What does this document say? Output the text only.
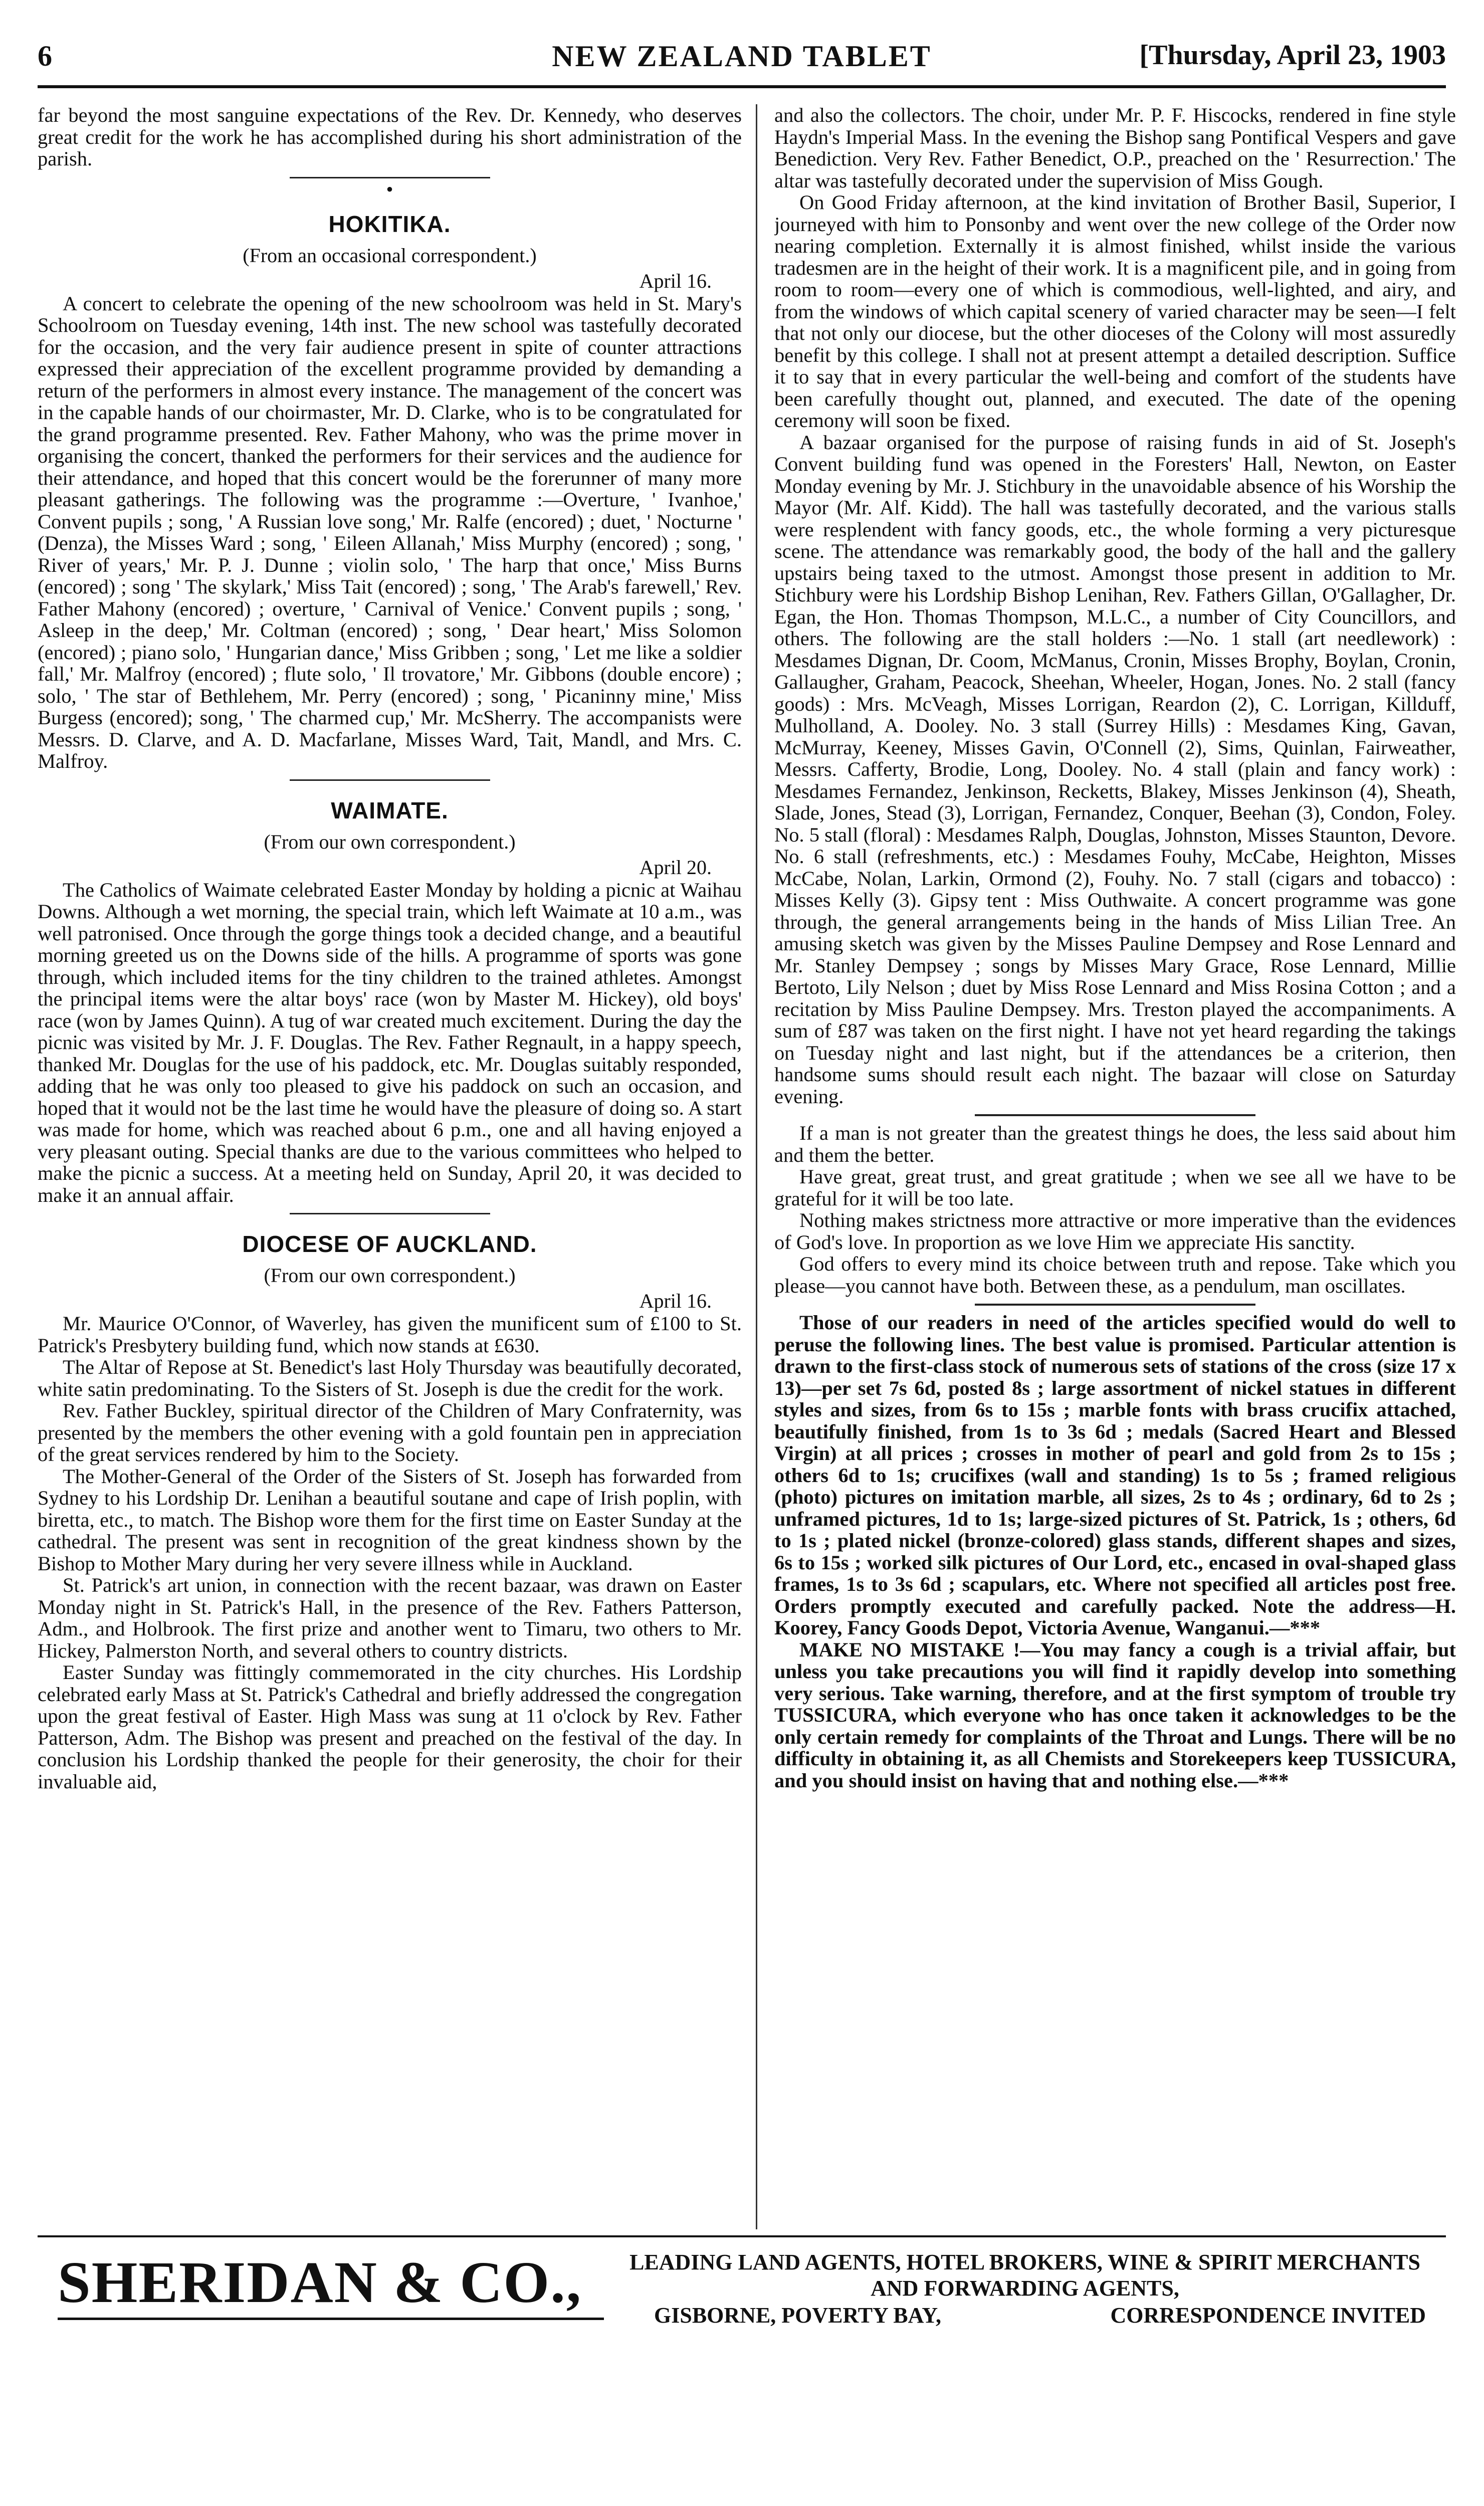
6	NEW ZEALAND TABLET	[Thursday, April 23, 1903

far beyond the most sanguine expectations of the Rev. Dr. Kennedy, who deserves great credit for the work he has accomplished during his short administration of the parish.

•
HOKITIKA.
(From an occasional correspondent.)
April 16.

A concert to celebrate the opening of the new schoolroom was held in St. Mary's Schoolroom on Tuesday evening, 14th inst. The new school was tastefully decorated for the occasion, and the very fair audience present in spite of counter attractions expressed their appreciation of the excellent programme provided by demanding a return of the performers in almost every instance. The management of the concert was in the capable hands of our choirmaster, Mr. D. Clarke, who is to be congratulated for the grand programme presented. Rev. Father Mahony, who was the prime mover in organising the concert, thanked the performers for their services and the audience for their attendance, and hoped that this concert would be the forerunner of many more pleasant gatherings. The following was the programme :—Overture, ' Ivanhoe,' Convent pupils ; song, ' A Russian love song,' Mr. Ralfe (encored) ; duet, ' Nocturne ' (Denza), the Misses Ward ; song, ' Eileen Allanah,' Miss Murphy (encored) ; song, ' River of years,' Mr. P. J. Dunne ; violin solo, ' The harp that once,' Miss Burns (encored) ; song ' The skylark,' Miss Tait (encored) ; song, ' The Arab's farewell,' Rev. Father Mahony (encored) ; overture, ' Carnival of Venice.' Convent pupils ; song, ' Asleep in the deep,' Mr. Coltman (encored) ; song, ' Dear heart,' Miss Solomon (encored) ; piano solo, ' Hungarian dance,' Miss Gribben ; song, ' Let me like a soldier fall,' Mr. Malfroy (encored) ; flute solo, ' Il trovatore,' Mr. Gibbons (double encore) ; solo, ' The star of Bethlehem, Mr. Perry (encored) ; song, ' Picaninny mine,' Miss Burgess (encored); song, ' The charmed cup,' Mr. McSherry. The accompanists were Messrs. D. Clarve, and A. D. Macfarlane, Misses Ward, Tait, Mandl, and Mrs. C. Malfroy.

WAIMATE.
(From our own correspondent.)
April 20.

The Catholics of Waimate celebrated Easter Monday by holding a picnic at Waihau Downs. Although a wet morning, the special train, which left Waimate at 10 a.m., was well patronised. Once through the gorge things took a decided change, and a beautiful morning greeted us on the Downs side of the hills. A programme of sports was gone through, which included items for the tiny children to the trained athletes. Amongst the principal items were the altar boys' race (won by Master M. Hickey), old boys' race (won by James Quinn). A tug of war created much excitement. During the day the picnic was visited by Mr. J. F. Douglas. The Rev. Father Regnault, in a happy speech, thanked Mr. Douglas for the use of his paddock, etc. Mr. Douglas suitably responded, adding that he was only too pleased to give his paddock on such an occasion, and hoped that it would not be the last time he would have the pleasure of doing so. A start was made for home, which was reached about 6 p.m., one and all having enjoyed a very pleasant outing. Special thanks are due to the various committees who helped to make the picnic a success. At a meeting held on Sunday, April 20, it was decided to make it an annual affair.

DIOCESE OF AUCKLAND.
(From our own correspondent.)
April 16.

Mr. Maurice O'Connor, of Waverley, has given the munificent sum of £100 to St. Patrick's Presbytery building fund, which now stands at £630.

The Altar of Repose at St. Benedict's last Holy Thursday was beautifully decorated, white satin predominating. To the Sisters of St. Joseph is due the credit for the work.

Rev. Father Buckley, spiritual director of the Children of Mary Confraternity, was presented by the members the other evening with a gold fountain pen in appreciation of the great services rendered by him to the Society.

The Mother-General of the Order of the Sisters of St. Joseph has forwarded from Sydney to his Lordship Dr. Lenihan a beautiful soutane and cape of Irish poplin, with biretta, etc., to match. The Bishop wore them for the first time on Easter Sunday at the cathedral. The present was sent in recognition of the great kindness shown by the Bishop to Mother Mary during her very severe illness while in Auckland.

St. Patrick's art union, in connection with the recent bazaar, was drawn on Easter Monday night in St. Patrick's Hall, in the presence of the Rev. Fathers Patterson, Adm., and Holbrook. The first prize and another went to Timaru, two others to Mr. Hickey, Palmerston North, and several others to country districts.

Easter Sunday was fittingly commemorated in the city churches. His Lordship celebrated early Mass at St. Patrick's Cathedral and briefly addressed the congregation upon the great festival of Easter. High Mass was sung at 11 o'clock by Rev. Father Patterson, Adm. The Bishop was present and preached on the festival of the day. In conclusion his Lordship thanked the people for their generosity, the choir for their invaluable aid,

and also the collectors. The choir, under Mr. P. F. Hiscocks, rendered in fine style Haydn's Imperial Mass. In the evening the Bishop sang Pontifical Vespers and gave Benediction. Very Rev. Father Benedict, O.P., preached on the ' Resurrection.' The altar was tastefully decorated under the supervision of Miss Gough.

On Good Friday afternoon, at the kind invitation of Brother Basil, Superior, I journeyed with him to Ponsonby and went over the new college of the Order now nearing completion. Externally it is almost finished, whilst inside the various tradesmen are in the height of their work. It is a magnificent pile, and in going from room to room—every one of which is commodious, well-lighted, and airy, and from the windows of which capital scenery of varied character may be seen—I felt that not only our diocese, but the other dioceses of the Colony will most assuredly benefit by this college. I shall not at present attempt a detailed description. Suffice it to say that in every particular the well-being and comfort of the students have been carefully thought out, planned, and executed. The date of the opening ceremony will soon be fixed.

A bazaar organised for the purpose of raising funds in aid of St. Joseph's Convent building fund was opened in the Foresters' Hall, Newton, on Easter Monday evening by Mr. J. Stichbury in the unavoidable absence of his Worship the Mayor (Mr. Alf. Kidd). The hall was tastefully decorated, and the various stalls were resplendent with fancy goods, etc., the whole forming a very picturesque scene. The attendance was remarkably good, the body of the hall and the gallery upstairs being taxed to the utmost. Amongst those present in addition to Mr. Stichbury were his Lordship Bishop Lenihan, Rev. Fathers Gillan, O'Gallagher, Dr. Egan, the Hon. Thomas Thompson, M.L.C., a number of City Councillors, and others. The following are the stall holders :—No. 1 stall (art needlework) : Mesdames Dignan, Dr. Coom, McManus, Cronin, Misses Brophy, Boylan, Cronin, Gallaugher, Graham, Peacock, Sheehan, Wheeler, Hogan, Jones. No. 2 stall (fancy goods) : Mrs. McVeagh, Misses Lorrigan, Reardon (2), C. Lorrigan, Killduff, Mulholland, A. Dooley. No. 3 stall (Surrey Hills) : Mesdames King, Gavan, McMurray, Keeney, Misses Gavin, O'Connell (2), Sims, Quinlan, Fairweather, Messrs. Cafferty, Brodie, Long, Dooley. No. 4 stall (plain and fancy work) : Mesdames Fernandez, Jenkinson, Recketts, Blakey, Misses Jenkinson (4), Sheath, Slade, Jones, Stead (3), Lorrigan, Fernandez, Conquer, Beehan (3), Condon, Foley. No. 5 stall (floral) : Mesdames Ralph, Douglas, Johnston, Misses Staunton, Devore. No. 6 stall (refreshments, etc.) : Mesdames Fouhy, McCabe, Heighton, Misses McCabe, Nolan, Larkin, Ormond (2), Fouhy. No. 7 stall (cigars and tobacco) : Misses Kelly (3). Gipsy tent : Miss Outhwaite. A concert programme was gone through, the general arrangements being in the hands of Miss Lilian Tree. An amusing sketch was given by the Misses Pauline Dempsey and Rose Lennard and Mr. Stanley Dempsey ; songs by Misses Mary Grace, Rose Lennard, Millie Bertoto, Lily Nelson ; duet by Miss Rose Lennard and Miss Rosina Cotton ; and a recitation by Miss Pauline Dempsey. Mrs. Treston played the accompaniments. A sum of £87 was taken on the first night. I have not yet heard regarding the takings on Tuesday night and last night, but if the attendances be a criterion, then handsome sums should result each night. The bazaar will close on Saturday evening.

If a man is not greater than the greatest things he does, the less said about him and them the better.

Have great, great trust, and great gratitude ; when we see all we have to be grateful for it will be too late.

Nothing makes strictness more attractive or more imperative than the evidences of God's love. In proportion as we love Him we appreciate His sanctity.

God offers to every mind its choice between truth and repose. Take which you please—you cannot have both. Between these, as a pendulum, man oscillates.

Those of our readers in need of the articles specified would do well to peruse the following lines. The best value is promised. Particular attention is drawn to the first-class stock of numerous sets of stations of the cross (size 17 x 13)—per set 7s 6d, posted 8s ; large assortment of nickel statues in different styles and sizes, from 6s to 15s ; marble fonts with brass crucifix attached, beautifully finished, from 1s to 3s 6d ; medals (Sacred Heart and Blessed Virgin) at all prices ; crosses in mother of pearl and gold from 2s to 15s ; others 6d to 1s; crucifixes (wall and standing) 1s to 5s ; framed religious (photo) pictures on imitation marble, all sizes, 2s to 4s ; ordinary, 6d to 2s ; unframed pictures, 1d to 1s; large-sized pictures of St. Patrick, 1s ; others, 6d to 1s ; plated nickel (bronze-colored) glass stands, different shapes and sizes, 6s to 15s ; worked silk pictures of Our Lord, etc., encased in oval-shaped glass frames, 1s to 3s 6d ; scapulars, etc. Where not specified all articles post free. Orders promptly executed and carefully packed. Note the address—H. Koorey, Fancy Goods Depot, Victoria Avenue, Wanganui.—***

MAKE NO MISTAKE !—You may fancy a cough is a trivial affair, but unless you take precautions you will find it rapidly develop into something very serious. Take warning, therefore, and at the first symptom of trouble try TUSSICURA, which everyone who has once taken it acknowledges to be the only certain remedy for complaints of the Throat and Lungs. There will be no difficulty in obtaining it, as all Chemists and Storekeepers keep TUSSICURA, and you should insist on having that and nothing else.—***

SHERIDAN & CO.,	LEADING LAND AGENTS, HOTEL BROKERS, WINE & SPIRIT MERCHANTS
AND FORWARDING AGENTS,
GISBORNE, POVERTY BAY,	CORRESPONDENCE INVITED
